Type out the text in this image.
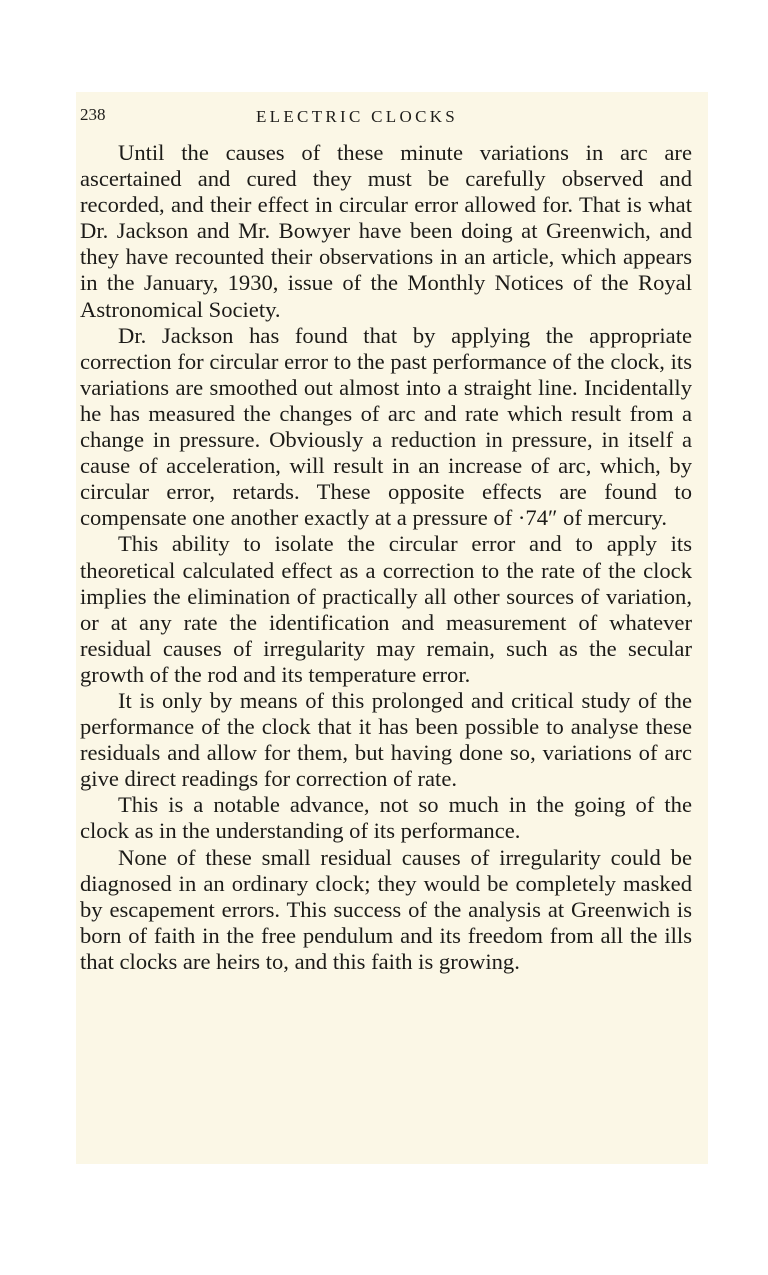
238	ELECTRIC CLOCKS

Until the causes of these minute variations in arc are ascertained and cured they must be carefully observed and recorded, and their effect in circular error allowed for. That is what Dr. Jackson and Mr. Bowyer have been doing at Greenwich, and they have recounted their observations in an article, which appears in the January, 1930, issue of the Monthly Notices of the Royal Astronomical Society.

Dr. Jackson has found that by applying the appropriate correction for circular error to the past performance of the clock, its variations are smoothed out almost into a straight line. Incidentally he has measured the changes of arc and rate which result from a change in pressure. Obviously a reduction in pressure, in itself a cause of acceleration, will result in an increase of arc, which, by circular error, retards. These opposite effects are found to compensate one another exactly at a pressure of ·74″ of mercury.

This ability to isolate the circular error and to apply its theoretical calculated effect as a correction to the rate of the clock implies the elimination of practically all other sources of variation, or at any rate the identification and measurement of whatever residual causes of irregularity may remain, such as the secular growth of the rod and its temperature error.

It is only by means of this prolonged and critical study of the performance of the clock that it has been possible to analyse these residuals and allow for them, but having done so, variations of arc give direct readings for correction of rate.

This is a notable advance, not so much in the going of the clock as in the understanding of its performance.

None of these small residual causes of irregularity could be diagnosed in an ordinary clock; they would be completely masked by escapement errors. This success of the analysis at Greenwich is born of faith in the free pendulum and its freedom from all the ills that clocks are heirs to, and this faith is growing.
